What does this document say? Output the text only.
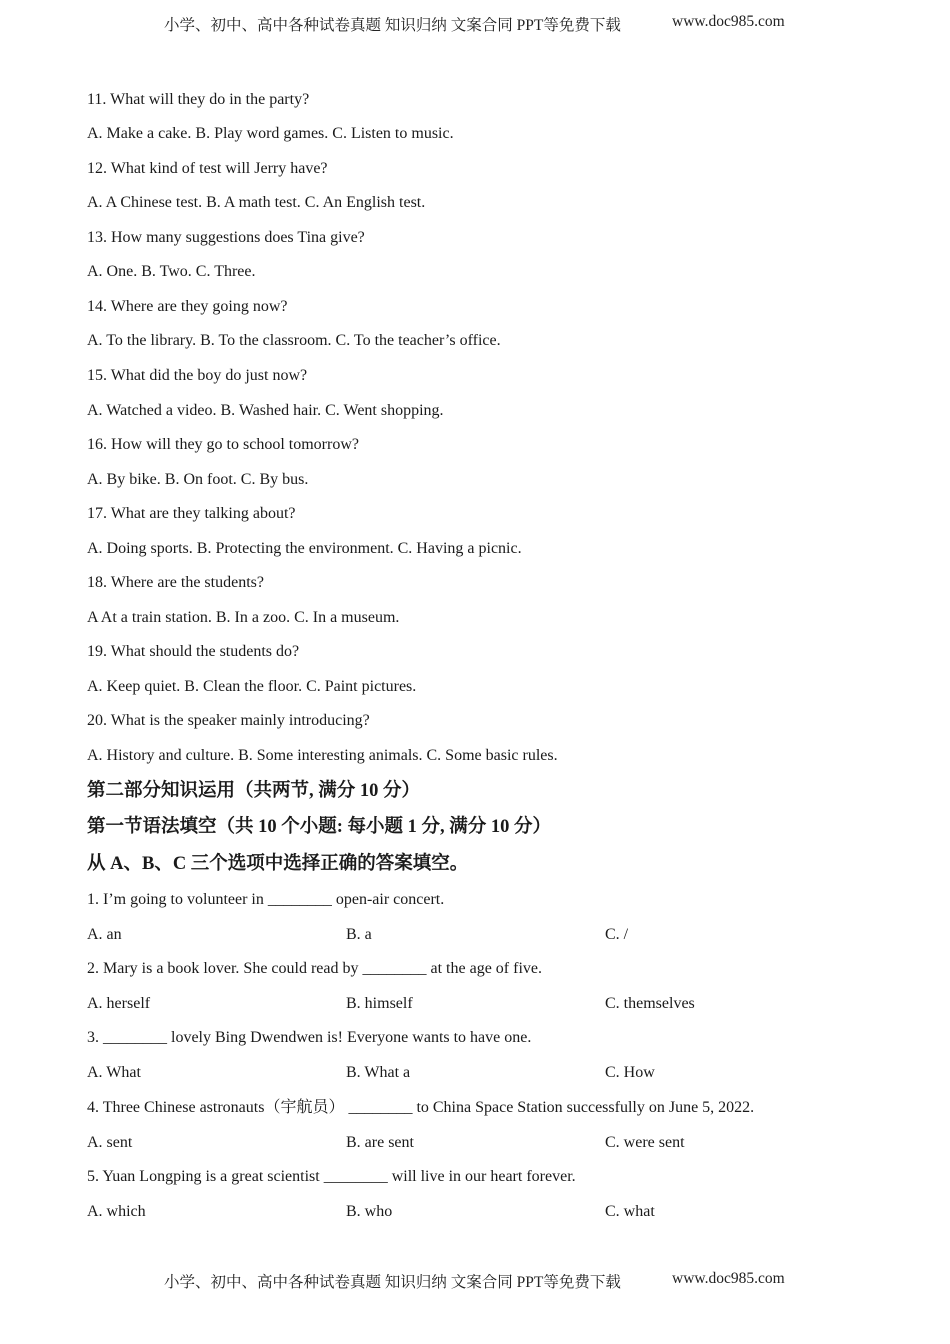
小学、初中、高中各种试卷真题 知识归纳 文案合同 PPT等免费下载	www.doc985.com
11. What will they do in the party?
A. Make a cake. B. Play word games. C. Listen to music.
12. What kind of test will Jerry have?
A. A Chinese test. B. A math test. C. An English test.
13. How many suggestions does Tina give?
A. One. B. Two. C. Three.
14. Where are they going now?
A. To the library. B. To the classroom. C. To the teacher’s office.
15. What did the boy do just now?
A. Watched a video. B. Washed hair. C. Went shopping.
16. How will they go to school tomorrow?
A. By bike. B. On foot. C. By bus.
17. What are they talking about?
A. Doing sports. B. Protecting the environment. C. Having a picnic.
18. Where are the students?
A At a train station. B. In a zoo. C. In a museum.
19. What should the students do?
A. Keep quiet. B. Clean the floor. C. Paint pictures.
20. What is the speaker mainly introducing?
A. History and culture. B. Some interesting animals. C. Some basic rules.
第二部分知识运用（共两节, 满分 10 分）
第一节语法填空（共 10 个小题: 每小题 1 分, 满分 10 分）
从 A、B、C 三个选项中选择正确的答案填空。
1. I’m going to volunteer in ________ open-air concert.
A. an	B. a	C. /
2. Mary is a book lover. She could read by ________ at the age of five.
A. herself	B. himself	C. themselves
3. ________ lovely Bing Dwendwen is! Everyone wants to have one.
A. What	B. What a	C. How
4. Three Chinese astronauts（宇航员） ________ to China Space Station successfully on June 5, 2022.
A. sent	B. are sent	C. were sent
5. Yuan Longping is a great scientist ________ will live in our heart forever.
A. which	B. who	C. what
小学、初中、高中各种试卷真题 知识归纳 文案合同 PPT等免费下载	www.doc985.com
